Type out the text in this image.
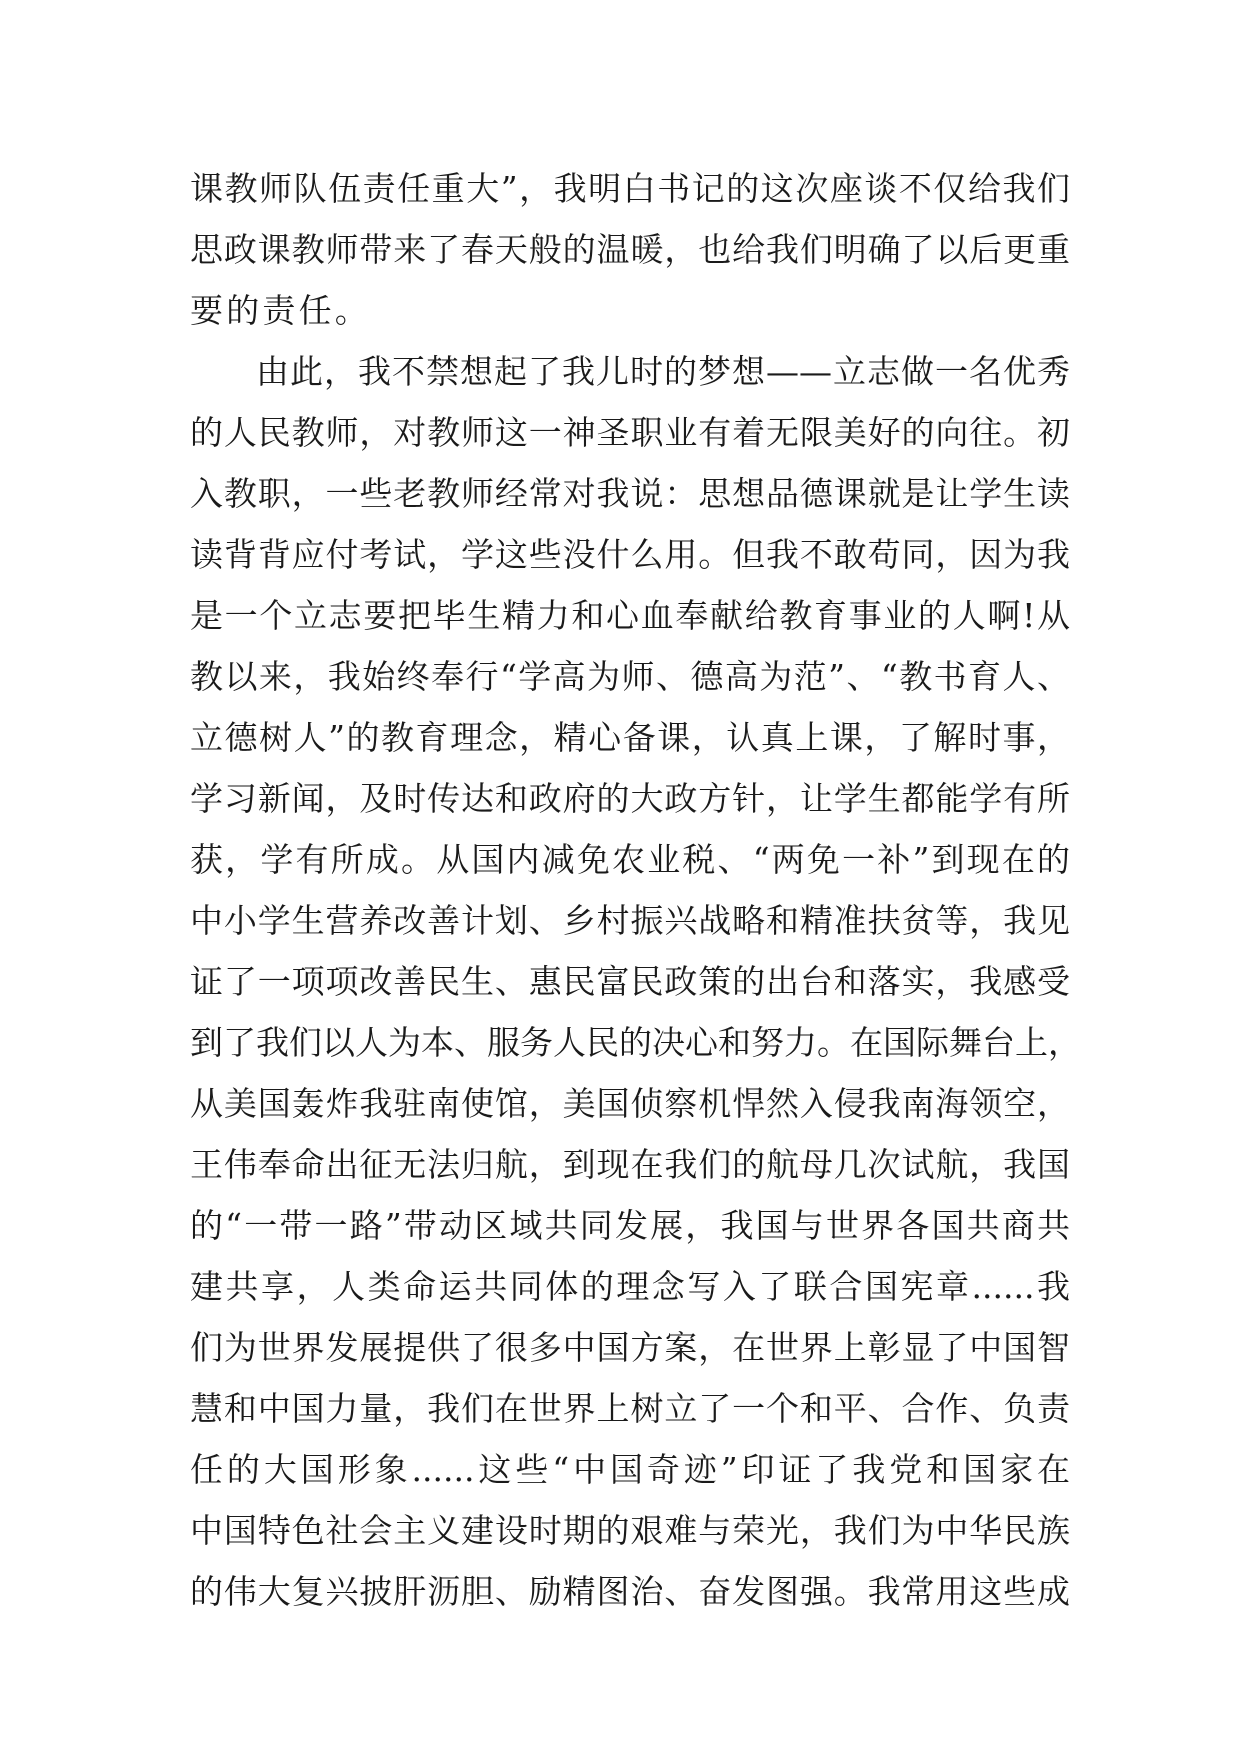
课教师队伍责任重大”，我明白书记的这次座谈不仅给我们
思政课教师带来了春天般的温暖，也给我们明确了以后更重
要的责任。
由此，我不禁想起了我儿时的梦想——立志做一名优秀
的人民教师，对教师这一神圣职业有着无限美好的向往。初
入教职，一些老教师经常对我说：思想品德课就是让学生读
读背背应付考试，学这些没什么用。但我不敢苟同，因为我
是一个立志要把毕生精力和心血奉献给教育事业的人啊!从
教以来，我始终奉行“学高为师、德高为范”、“教书育人、
立德树人”的教育理念，精心备课，认真上课，了解时事，
学习新闻，及时传达和政府的大政方针，让学生都能学有所
获，学有所成。从国内减免农业税、“两免一补”到现在的
中小学生营养改善计划、乡村振兴战略和精准扶贫等，我见
证了一项项改善民生、惠民富民政策的出台和落实，我感受
到了我们以人为本、服务人民的决心和努力。在国际舞台上，
从美国轰炸我驻南使馆，美国侦察机悍然入侵我南海领空，
王伟奉命出征无法归航，到现在我们的航母几次试航，我国
的“一带一路”带动区域共同发展，我国与世界各国共商共
建共享，人类命运共同体的理念写入了联合国宪章......我
们为世界发展提供了很多中国方案，在世界上彰显了中国智
慧和中国力量，我们在世界上树立了一个和平、合作、负责
任的大国形象......这些“中国奇迹”印证了我党和国家在
中国特色社会主义建设时期的艰难与荣光，我们为中华民族
的伟大复兴披肝沥胆、励精图治、奋发图强。我常用这些成
